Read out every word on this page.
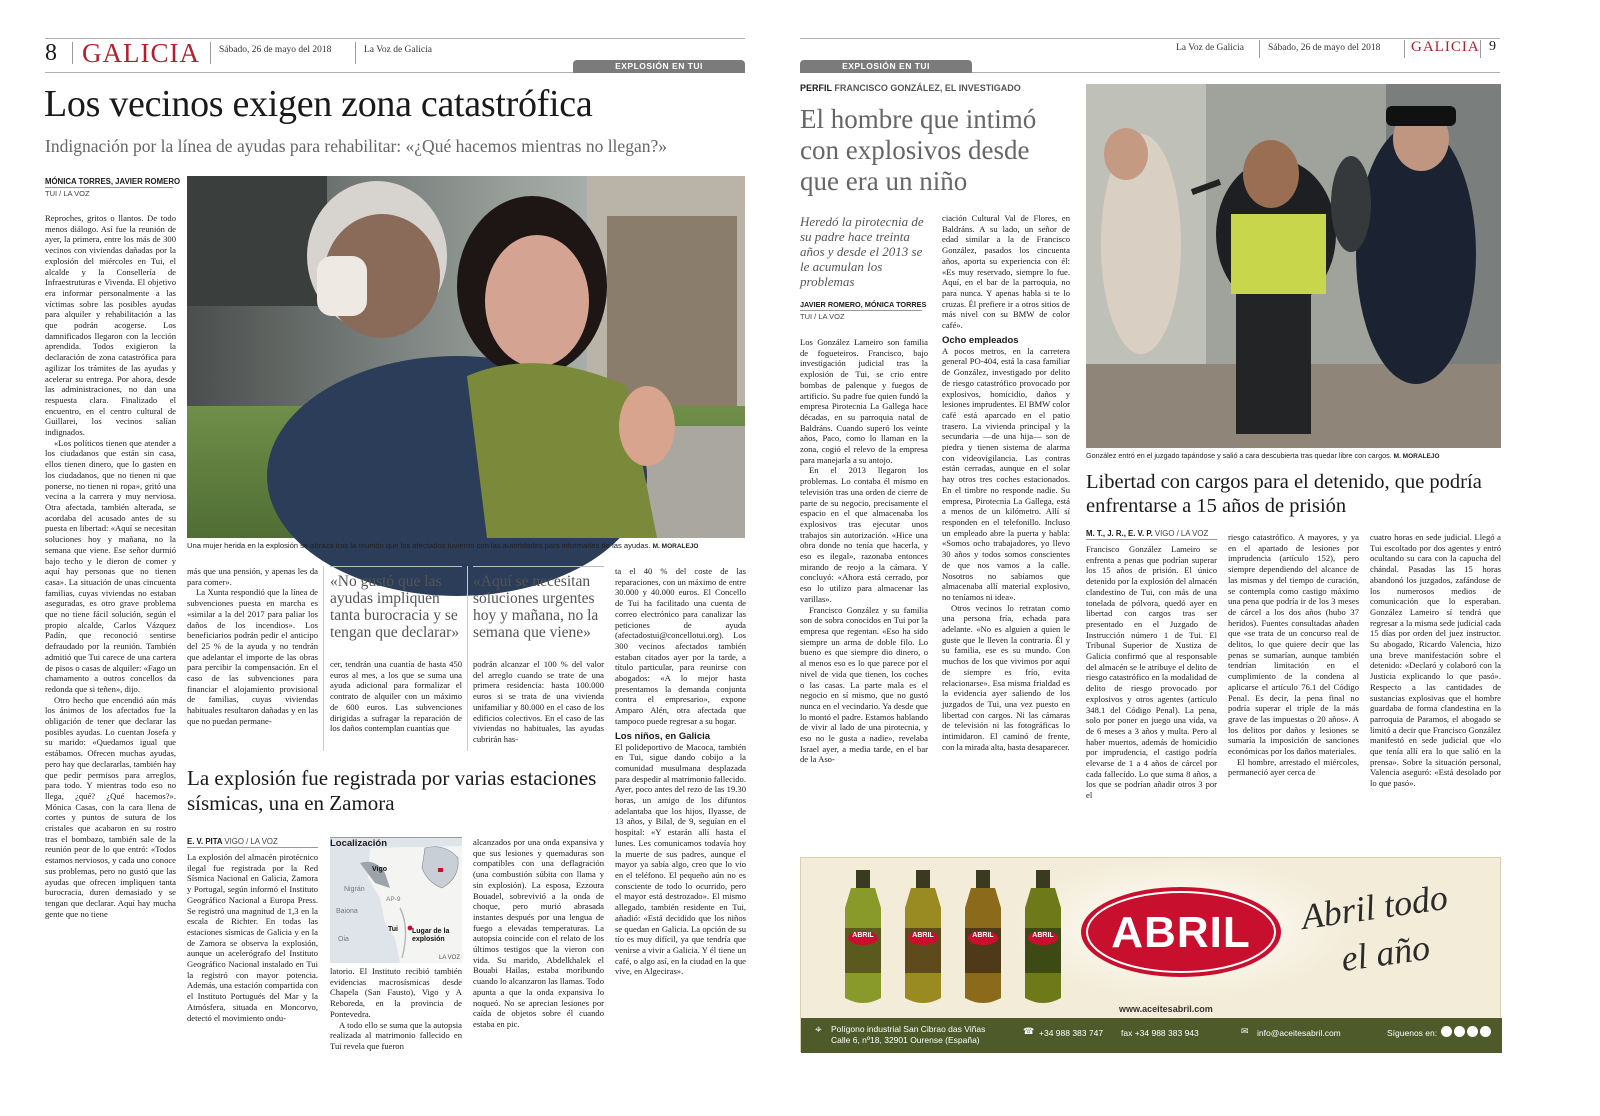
8 GALICIA Sábado, 26 de mayo del 2018	La Voz de Galicia
EXPLOSIÓN EN TUI
Los vecinos exigen zona catastrófica
Indignación por la línea de ayudas para rehabilitar: «¿Qué hacemos mientras no llegan?»
MÓNICA TORRES, JAVIER ROMERO
TUI / LA VOZ
Una mujer herida en la explosión se abraza tras la reunión que los afectados tuvieron con las autoridades para informarles de las ayudas. M. MORALEJO

Reproches, gritos o llantos. De todo menos diálogo. Así fue la reunión de ayer, la primera, entre los más de 300 vecinos con viviendas dañadas por la explosión del miércoles en Tui, el alcalde y la Consellería de Infraestruturas e Vivenda. El objetivo era informar personalmente a las víctimas sobre las posibles ayudas para alquiler y rehabilitación a las que podrán acogerse. Los damnificados llegaron con la lección aprendida. Todos exigieron la declaración de zona catastrófica para agilizar los trámites de las ayudas y acelerar su entrega. Por ahora, desde las administraciones, no dan una respuesta clara. Finalizado el encuentro, en el centro cultural de Guillarei, los vecinos salían indignados.

«Los políticos tienen que atender a los ciudadanos que están sin casa, ellos tienen dinero, que lo gasten en los ciudadanos, que no tienen ni que ponerse, no tienen ni ropa», gritó una vecina a la carrera y muy nerviosa. Otra afectada, también alterada, se acordaba del acusado antes de su puesta en libertad: «Aquí se necesitan soluciones hoy y mañana, no la semana que viene. Ese señor durmió bajo techo y le dieron de comer y aquí hay personas que no tienen casa». La situación de unas cincuenta familias, cuyas viviendas no estaban aseguradas, es otro grave problema que no tiene fácil solución, según el propio alcalde, Carlos Vázquez Padín, que reconoció sentirse defraudado por la reunión. También admitió que Tui carece de una cartera de pisos o casas de alquiler: «Fago un chamamento a outros concellos da redonda que si teñen», dijo.

Otro hecho que encendió aún más los ánimos de los afectados fue la obligación de tener que declarar las posibles ayudas. Lo cuentan Josefa y su marido: «Quedamos igual que estábamos. Ofrecen muchas ayudas, pero hay que declararlas, también hay que pedir permisos para arreglos, para todo. Y mientras todo eso no llega, ¿qué? ¿Qué hacemos?». Mónica Casas, con la cara llena de cortes y puntos de sutura de los cristales que acabaron en su rostro tras el bombazo, también sale de la reunión peor de lo que entró: «Todos estamos nerviosos, y cada uno conoce sus problemas, pero no gustó que las ayudas que ofrecen impliquen tanta burocracia, duren demasiado y se tengan que declarar. Aquí hay mucha gente que no tiene

más que una pensión, y apenas les da para comer».

La Xunta respondió que la línea de subvenciones puesta en marcha es «similar a la del 2017 para paliar los daños de los incendios». Los beneficiarios podrán pedir el anticipo del 25 % de la ayuda y no tendrán que adelantar el importe de las obras para percibir la compensación. En el caso de las subvenciones para financiar el alojamiento provisional de familias, cuyas viviendas habituales resultaron dañadas y en las que no puedan permane-

«No gustó que las ayudas impliquen tanta burocracia y se tengan que declarar»

cer, tendrán una cuantía de hasta 450 euros al mes, a los que se suma una ayuda adicional para formalizar el contrato de alquiler con un máximo de 600 euros. Las subvenciones dirigidas a sufragar la reparación de los daños contemplan cuantías que

«Aquí se necesitan soluciones urgentes hoy y mañana, no la semana que viene»

podrán alcanzar el 100 % del valor del arreglo cuando se trate de una primera residencia: hasta 100.000 euros si se trata de una vivienda unifamiliar y 80.000 en el caso de los edificios colectivos. En el caso de las viviendas no habituales, las ayudas cubrirán has-

ta el 40 % del coste de las reparaciones, con un máximo de entre 30.000 y 40.000 euros. El Concello de Tui ha facilitado una cuenta de correo electrónico para canalizar las peticiones de ayuda (afectadostui@concellotui.org). Los 300 vecinos afectados también estaban citados ayer por la tarde, a título particular, para reunirse con abogados: «A lo mejor hasta presentamos la demanda conjunta contra el empresario», expone Amparo Alén, otra afectada que tampoco puede regresar a su hogar.

Los niños, en Galicia

El polideportivo de Macoca, también en Tui, sigue dando cobijo a la comunidad musulmana desplazada para despedir al matrimonio fallecido. Ayer, poco antes del rezo de las 19.30 horas, un amigo de los difuntos adelantaba que los hijos, Ilyasse, de 13 años, y Bilal, de 9, seguían en el hospital: «Y estarán allí hasta el lunes. Les comunicamos todavía hoy la muerte de sus padres, aunque el mayor ya sabía algo, creo que lo vio en el teléfono. El pequeño aún no es consciente de todo lo ocurrido, pero el mayor está destrozado». El mismo allegado, también residente en Tui, añadió: «Está decidido que los niños se quedan en Galicia. La opción de su tío es muy difícil, ya que tendría que venirse a vivir a Galicia. Y él tiene un café, o algo así, en la ciudad en la que vive, en Algeciras».

La explosión fue registrada por varias estaciones sísmicas, una en Zamora
E. V. PITA VIGO / LA VOZ

La explosión del almacén pirotécnico ilegal fue registrada por la Red Sísmica Nacional en Galicia, Zamora y Portugal, según informó el Instituto Geográfico Nacional a Europa Press. Se registró una magnitud de 1,3 en la escala de Richter. En todas las estaciones sísmicas de Galicia y en la de Zamora se observa la explosión, aunque un acelerógrafo del Instituto Geográfico Nacional instalado en Tui la registró con mayor potencia. Además, una estación compartida con el Instituto Portugués del Mar y la Atmósfera, situada en Moncorvo, detectó el movimiento ondu-

Localización
Vigo
Nigrán
AP-9
Baiona
Tui
Oia
Lugar de la explosión
LA VOZ

latorio. El Instituto recibió también evidencias macrosísmicas desde Chapela (San Fausto), Vigo y A Reboreda, en la provincia de Pontevedra.

A todo ello se suma que la autopsia realizada al matrimonio fallecido en Tui revela que fueron

alcanzados por una onda expansiva y que sus lesiones y quemaduras son compatibles con una deflagración (una combustión súbita con llama y sin explosión). La esposa, Ezzoura Bouadel, sobrevivió a la onda de choque, pero murió abrasada instantes después por una lengua de fuego a elevadas temperaturas. La autopsia coincide con el relato de los últimos testigos que la vieron con vida. Su marido, Abdelkhalek el Bouabi Hailas, estaba moribundo cuando lo alcanzaron las llamas. Todo apunta a que la onda expansiva lo noqueó. No se aprecian lesiones por caída de objetos sobre él cuando estaba en pic.

La Voz de Galicia	Sábado, 26 de mayo del 2018 GALICIA 9
EXPLOSIÓN EN TUI
PERFIL FRANCISCO GONZÁLEZ, EL INVESTIGADO
El hombre que intimó con explosivos desde que era un niño
Heredó la pirotecnia de su padre hace treinta años y desde el 2013 se le acumulan los problemas
JAVIER ROMERO, MÓNICA TORRES
TUI / LA VOZ

Los González Lameiro son familia de fogueteiros. Francisco, bajo investigación judicial tras la explosión de Tui, se crio entre bombas de palenque y fuegos de artificio. Su padre fue quien fundó la empresa Pirotecnia La Gallega hace décadas, en su parroquia natal de Baldráns. Cuando superó los veinte años, Paco, como lo llaman en la zona, cogió el relevo de la empresa para manejarla a su antojo.

En el 2013 llegaron los problemas. Lo contaba él mismo en televisión tras una orden de cierre de parte de su negocio, precisamente el espacio en el que almacenaba los explosivos tras ejecutar unos trabajos sin autorización. «Hice una obra donde no tenía que hacerla, y eso es ilegal», razonaba entonces mirando de reojo a la cámara. Y concluyó: «Ahora está cerrado, por eso lo utilizo para almacenar las varillas».

Francisco González y su familia son de sobra conocidos en Tui por la empresa que regentan. «Eso ha sido siempre un arma de doble filo. Lo bueno es que siempre dio dinero, o al menos eso es lo que parece por el nivel de vida que tienen, los coches o las casas. La parte mala es el negocio en sí mismo, que no gustó nunca en el vecindario. Ya desde que lo montó el padre. Estamos hablando de vivir al lado de una pirotecnia, y eso no le gusta a nadie», revelaba Israel ayer, a media tarde, en el bar de la Aso-

ciación Cultural Val de Flores, en Baldráns. A su lado, un señor de edad similar a la de Francisco González, pasados los cincuenta años, aporta su experiencia con él: «Es muy reservado, siempre lo fue. Aquí, en el bar de la parroquia, no para nunca. Y apenas habla si te lo cruzas. Él prefiere ir a otros sitios de más nivel con su BMW de color café».

Ocho empleados

A pocos metros, en la carretera general PO-404, está la casa familiar de González, investigado por delito de riesgo catastrófico provocado por explosivos, homicidio, daños y lesiones imprudentes. El BMW color café está aparcado en el patio trasero. La vivienda principal y la secundaria —de una hija— son de piedra y tienen sistema de alarma con videovigilancia. Las contras están cerradas, aunque en el solar hay otros tres coches estacionados. En el timbre no responde nadie. Su empresa, Pirotecnia La Gallega, está a menos de un kilómetro. Allí sí responden en el telefonillo. Incluso un empleado abre la puerta y habla: «Somos ocho trabajadores, yo llevo 30 años y todos somos conscientes de que nos vamos a la calle. Nosotros no sabíamos que almacenaba allí material explosivo, no teníamos ni idea».

Otros vecinos lo retratan como una persona fría, echada para adelante. «No es alguien a quien le guste que le lleven la contraria. Él y su familia, ese es su mundo. Con muchos de los que vivimos por aquí de siempre es frío, evita relacionarse». Esa misma frialdad es la evidencia ayer saliendo de los juzgados de Tui, una vez puesto en libertad con cargos. Ni las cámaras de televisión ni las fotográficas lo intimidaron. El caminó de frente, con la mirada alta, hasta desaparecer.

González entró en el juzgado tapándose y salió a cara descubierta tras quedar libre con cargos. M. MORALEJO
Libertad con cargos para el detenido, que podría enfrentarse a 15 años de prisión
M. T., J. R., E. V. P. VIGO / LA VOZ

Francisco González Lameiro se enfrenta a penas que podrían superar los 15 años de prisión. El único detenido por la explosión del almacén clandestino de Tui, con más de una tonelada de pólvora, quedó ayer en libertad con cargos tras ser presentado en el Juzgado de Instrucción número 1 de Tui. El Tribunal Superior de Xustiza de Galicia confirmó que al responsable del almacén se le atribuye el delito de riesgo catastrófico en la modalidad de delito de riesgo provocado por explosivos y otros agentes (artículo 348.1 del Código Penal). La pena, solo por poner en juego una vida, va de 6 meses a 3 años y multa. Pero al haber muertos, además de homicidio por imprudencia, el castigo podría elevarse de 1 a 4 años de cárcel por cada fallecido. Lo que suma 8 años, a los que se podrían añadir otros 3 por el

riesgo catastrófico. A mayores, y ya en el apartado de lesiones por imprudencia (artículo 152), pero siempre dependiendo del alcance de las mismas y del tiempo de curación, se contempla como castigo máximo una pena que podría ir de los 3 meses de cárcel a los dos años (hubo 37 heridos). Fuentes consultadas añaden que «se trata de un concurso real de delitos, lo que quiere decir que las penas se sumarían, aunque también tendrían limitación en el cumplimiento de la condena al aplicarse el artículo 76.1 del Código Penal. Es decir, la pena final no podría superar el triple de la más grave de las impuestas o 20 años». A los delitos por daños y lesiones se sumaría la imposición de sanciones económicas por los daños materiales.

El hombre, arrestado el miércoles, permaneció ayer cerca de

cuatro horas en sede judicial. Llegó a Tui escoltado por dos agentes y entró ocultando su cara con la capucha del chándal. Pasadas las 15 horas abandonó los juzgados, zafándose de los numerosos medios de comunicación que lo esperaban. González Lameiro sí tendrá que regresar a la misma sede judicial cada 15 días por orden del juez instructor. Su abogado, Ricardo Valencia, hizo una breve manifestación sobre el detenido: «Declaró y colaboró con la Justicia explicando lo que pasó». Respecto a las cantidades de sustancias explosivas que el hombre guardaba de forma clandestina en la parroquia de Paramos, el abogado se limitó a decir que Francisco González manifestó en sede judicial que «lo que tenía allí era lo que salió en la prensa». Sobre la situación personal, Valencia aseguró: «Está desolado por lo que pasó».

ABRIL	ABRIL	ABRIL	ABRIL	ABRIL	Abril todo
el año
www.aceitesabril.com
⌖ Polígono industrial San Cibrao das Viñas
Calle 6, nº18, 32901 Ourense (España)
☎ +34 988 383 747 fax +34 988 383 943	✉ info@aceitesabril.com	Síguenos en:
